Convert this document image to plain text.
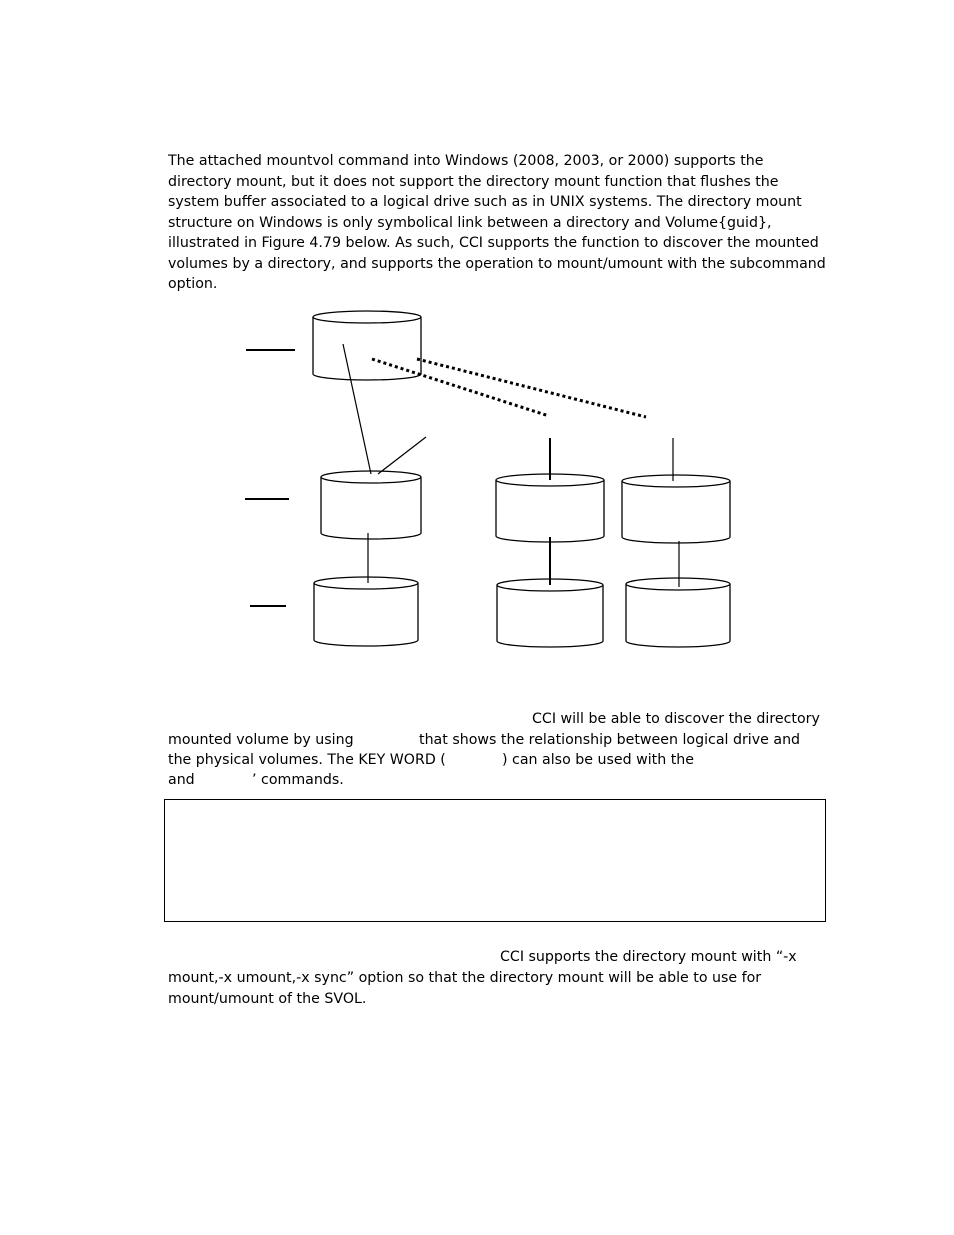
The attached mountvol command into Windows (2008, 2003, or 2000) supports the directory mount, but it does not support the directory mount function that flushes the system buffer associated to a logical drive such as in UNIX systems. The directory mount structure on Windows is only symbolical link between a directory and Volume{guid}, illustrated in Figure 4.79 below. As such, CCI supports the function to discover the mounted volumes by a directory, and supports the operation to mount/umount with the subcommand option.

CCI will be able to discover the directory
mounted volume by using	that shows the relationship between logical drive and
the physical volumes. The KEY WORD (	) can also be used with the
and	’ commands.
CCI supports the directory mount with “-x
mount,-x umount,-x sync” option so that the directory mount will be able to use for
mount/umount of the SVOL.
